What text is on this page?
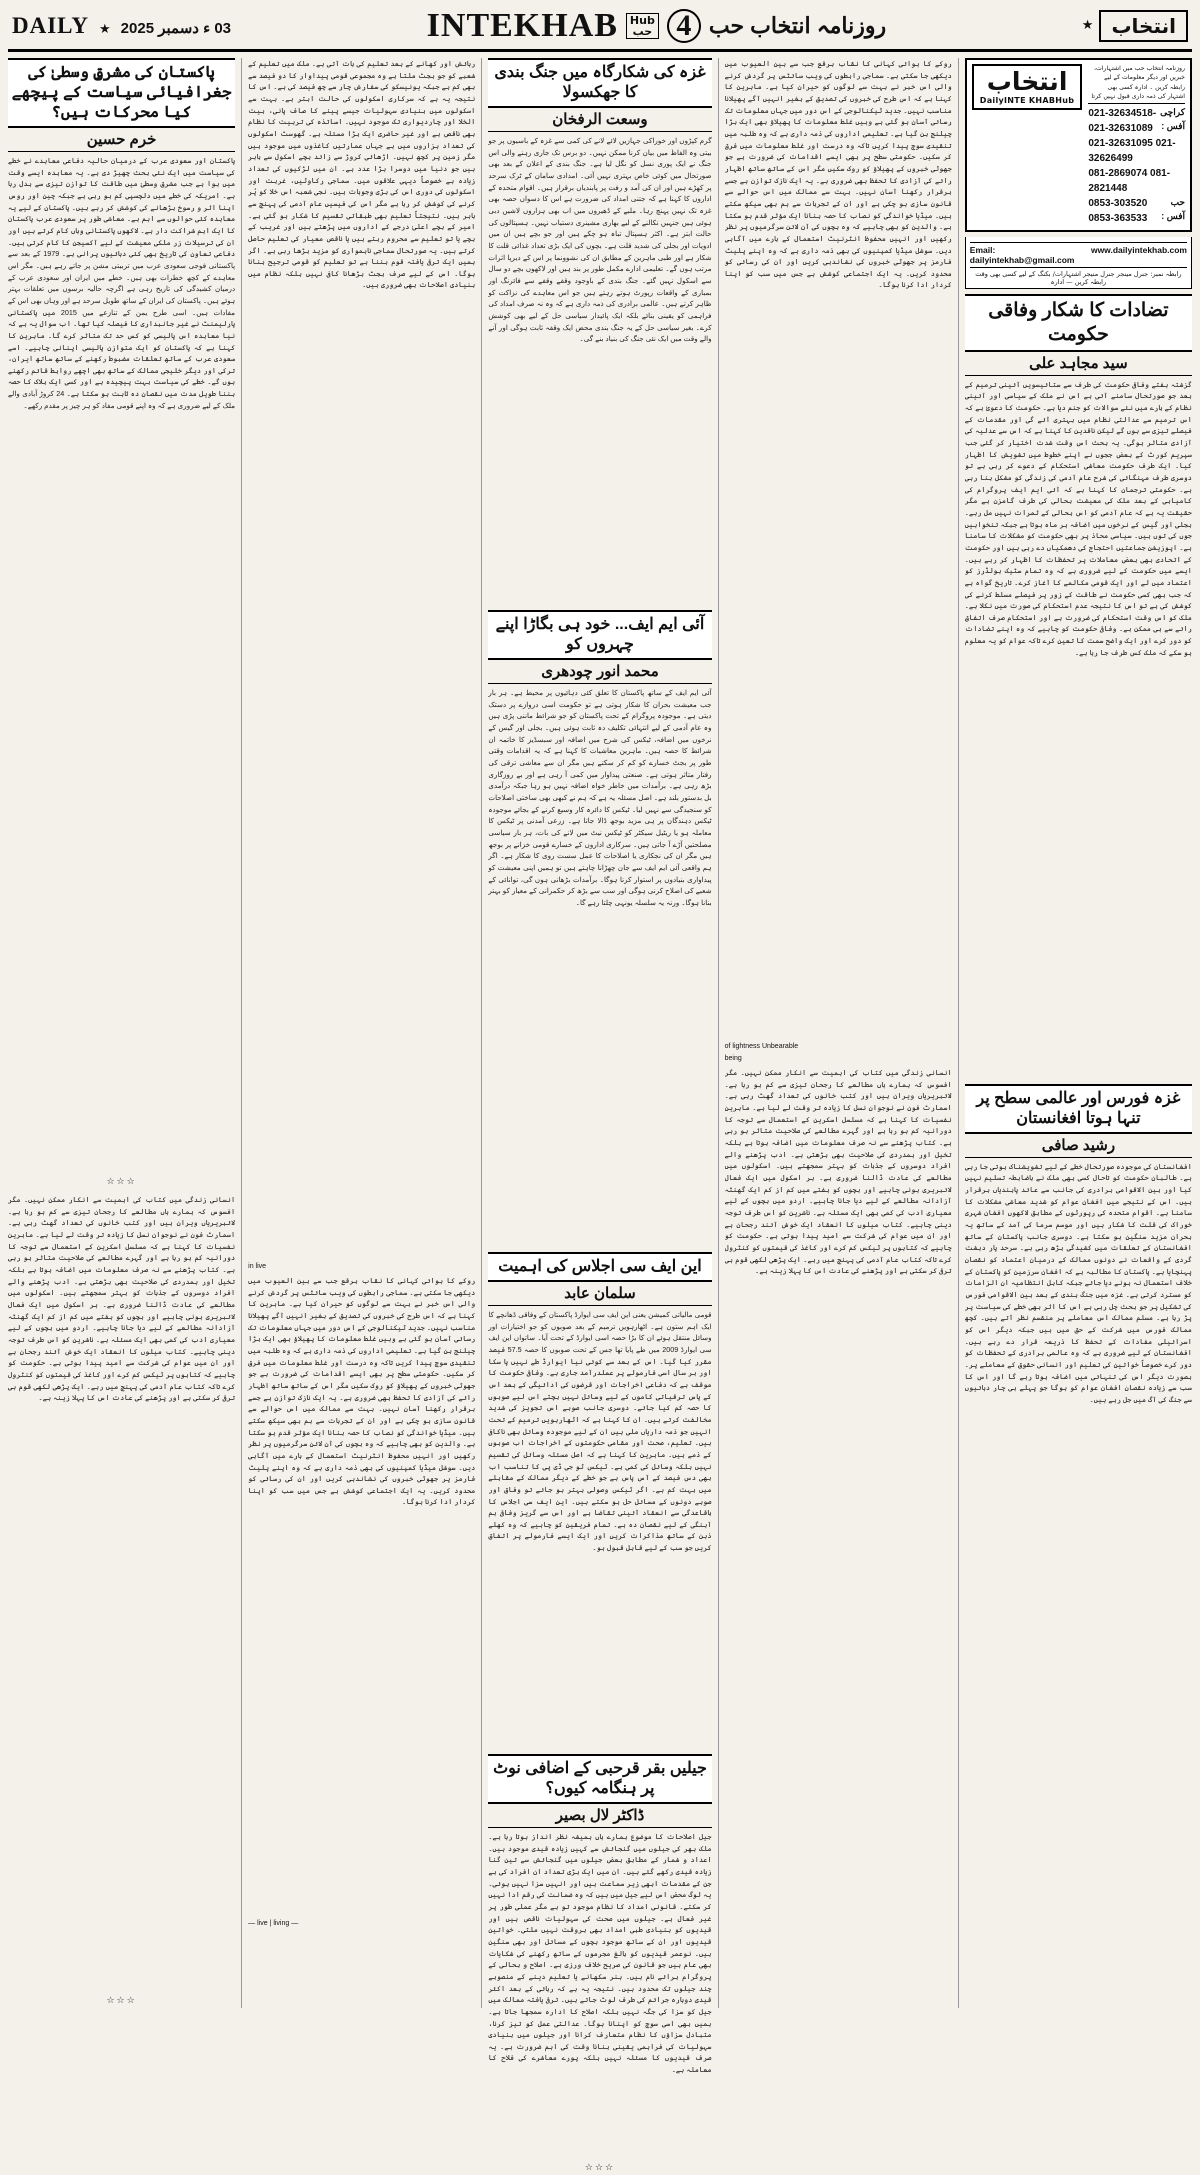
DAILY ★ 03 ء دسمبر 2025	INTEKHAB Hub
حب 4 روزنامہ انتخاب حب	★ انتخاب
روزنامہ انتخاب حب میں اشتہارات، خبریں اور دیگر معلومات کے لیے رابطہ کریں ۔ ادارہ کسی بھی اشتہار کی ذمہ داری قبول نہیں کرتا
کراچی آفس :
021-32634518-021-32631089
021-32631095 021-32626499
081-2869074 081-2821448
حب آفس :
0853-303520 0853-363533
انتخاب
DailyINTE KHABHub
Email: dailyintekhab@gmail.com
www.dailyintekhab.com
رابطہ نمبر: جنرل مینجر جنرل منیجر اشتہارات/ بکنگ کے لیے کسی بھی وقت رابطہ کریں — ادارہ
تضادات کا شکار وفاقی حکومت
سید مجاہد علی
گزشتہ ہفتے وفاقی حکومت کی طرف سے ستائیسویں آئینی ترمیم کے بعد جو صورتحال سامنے آئی ہے اس نے ملک کے سیاسی اور آئینی نظام کے بارے میں نئے سوالات کو جنم دیا ہے۔ حکومت کا دعویٰ ہے کہ اس ترمیم سے عدالتی نظام میں بہتری آئے گی اور مقدمات کے فیصلے تیزی سے ہوں گے لیکن ناقدین کا کہنا ہے کہ اس سے عدلیہ کی آزادی متاثر ہوگی۔ یہ بحث اس وقت شدت اختیار کر گئی جب سپریم کورٹ کے بعض ججوں نے اپنے خطوط میں تشویش کا اظہار کیا۔ ایک طرف حکومت معاشی استحکام کے دعوے کر رہی ہے تو دوسری طرف مہنگائی کی شرح عام آدمی کی زندگی کو مشکل بنا رہی ہے۔ حکومتی ترجمان کا کہنا ہے کہ آئی ایم ایف پروگرام کی کامیابی کے بعد ملک کی معیشت بحالی کی طرف گامزن ہے مگر حقیقت یہ ہے کہ عام آدمی کو اس بحالی کے ثمرات نہیں مل رہے۔ بجلی اور گیس کے نرخوں میں اضافہ ہر ماہ ہوتا ہے جبکہ تنخواہیں جوں کی توں ہیں۔ سیاسی محاذ پر بھی حکومت کو مشکلات کا سامنا ہے۔ اپوزیشن جماعتیں احتجاج کی دھمکیاں دے رہی ہیں اور حکومت کے اتحادی بھی بعض معاملات پر تحفظات کا اظہار کر رہے ہیں۔ ایسے میں حکومت کے لیے ضروری ہے کہ وہ تمام سٹیک ہولڈرز کو اعتماد میں لے اور ایک قومی مکالمے کا آغاز کرے۔ تاریخ گواہ ہے کہ جب بھی کسی حکومت نے طاقت کے زور پر فیصلے مسلط کرنے کی کوشش کی ہے تو اس کا نتیجہ عدم استحکام کی صورت میں نکلا ہے۔ ملک کو اس وقت استحکام کی ضرورت ہے اور استحکام صرف اتفاق رائے سے ہی ممکن ہے۔ وفاقی حکومت کو چاہیے کہ وہ اپنے تضادات کو دور کرے اور ایک واضح سمت کا تعین کرے تاکہ عوام کو یہ معلوم ہو سکے کہ ملک کس طرف جا رہا ہے۔
غزہ فورس اور عالمی سطح پر تنہا ہوتا افغانستان
رشید صافی
افغانستان کی موجودہ صورتحال خطے کے لیے تشویشناک ہوتی جا رہی ہے۔ طالبان حکومت کو تاحال کسی بھی ملک نے باضابطہ تسلیم نہیں کیا اور بین الاقوامی برادری کی جانب سے عائد پابندیاں برقرار ہیں۔ اس کے نتیجے میں افغان عوام کو شدید معاشی مشکلات کا سامنا ہے۔ اقوام متحدہ کی رپورٹوں کے مطابق لاکھوں افغان شہری خوراک کی قلت کا شکار ہیں اور موسم سرما کی آمد کے ساتھ یہ بحران مزید سنگین ہو سکتا ہے۔ دوسری جانب پاکستان کے ساتھ افغانستان کے تعلقات میں کشیدگی بڑھ رہی ہے۔ سرحد پار دہشت گردی کے واقعات نے دونوں ممالک کے درمیان اعتماد کو نقصان پہنچایا ہے۔ پاکستان کا مطالبہ ہے کہ افغان سرزمین کو پاکستان کے خلاف استعمال نہ ہونے دیا جائے جبکہ کابل انتظامیہ ان الزامات کو مسترد کرتی ہے۔ غزہ میں جنگ بندی کے بعد بین الاقوامی فورس کی تشکیل پر جو بحث چل رہی ہے اس کا اثر بھی خطے کی سیاست پر پڑ رہا ہے۔ مسلم ممالک اس معاملے پر منقسم نظر آتے ہیں۔ کچھ ممالک فورس میں شرکت کے حق میں ہیں جبکہ دیگر اس کو اسرائیلی مفادات کے تحفظ کا ذریعہ قرار دے رہے ہیں۔ افغانستان کے لیے ضروری ہے کہ وہ عالمی برادری کے تحفظات کو دور کرے خصوصاً خواتین کی تعلیم اور انسانی حقوق کے معاملے پر۔ بصورت دیگر اس کی تنہائی میں اضافہ ہوتا رہے گا اور اس کا سب سے زیادہ نقصان افغان عوام کو ہوگا جو پہلے ہی چار دہائیوں سے جنگ کی آگ میں جل رہے ہیں۔
روکے کا ہوائی کہانی کا نقاب برقع جب سے بین العیوب میں دیکھی جا سکتی ہے۔ سماجی رابطوں کی ویب سائٹس پر گردش کرنے والی اس خبر نے بہت سے لوگوں کو حیران کیا ہے۔ ماہرین کا کہنا ہے کہ اس طرح کی خبروں کی تصدیق کے بغیر انہیں آگے پھیلانا مناسب نہیں۔ جدید ٹیکنالوجی کے اس دور میں جہاں معلومات تک رسائی آسان ہو گئی ہے وہیں غلط معلومات کا پھیلاؤ بھی ایک بڑا چیلنج بن گیا ہے۔ تعلیمی اداروں کی ذمہ داری ہے کہ وہ طلبہ میں تنقیدی سوچ پیدا کریں تاکہ وہ درست اور غلط معلومات میں فرق کر سکیں۔ حکومتی سطح پر بھی ایسے اقدامات کی ضرورت ہے جو جھوٹی خبروں کے پھیلاؤ کو روک سکیں مگر اس کے ساتھ ساتھ اظہار رائے کی آزادی کا تحفظ بھی ضروری ہے۔ یہ ایک نازک توازن ہے جسے برقرار رکھنا آسان نہیں۔ بہت سے ممالک میں اس حوالے سے قانون سازی ہو چکی ہے اور ان کے تجربات سے ہم بھی سیکھ سکتے ہیں۔ میڈیا خواندگی کو نصاب کا حصہ بنانا ایک مؤثر قدم ہو سکتا ہے۔ والدین کو بھی چاہیے کہ وہ بچوں کی آن لائن سرگرمیوں پر نظر رکھیں اور انہیں محفوظ انٹرنیٹ استعمال کے بارے میں آگاہی دیں۔ سوشل میڈیا کمپنیوں کی بھی ذمہ داری ہے کہ وہ اپنے پلیٹ فارمز پر جھوٹی خبروں کی نشاندہی کریں اور ان کی رسائی کو محدود کریں۔ یہ ایک اجتماعی کوشش ہے جس میں سب کو اپنا کردار ادا کرنا ہوگا۔
of lightness Unbearable
being
انسانی زندگی میں کتاب کی اہمیت سے انکار ممکن نہیں۔ مگر افسوس کہ ہمارے ہاں مطالعے کا رجحان تیزی سے کم ہو رہا ہے۔ لائبریریاں ویران ہیں اور کتب خانوں کی تعداد گھٹ رہی ہے۔ اسمارٹ فون نے نوجوان نسل کا زیادہ تر وقت لے لیا ہے۔ ماہرین نفسیات کا کہنا ہے کہ مسلسل اسکرین کے استعمال سے توجہ کا دورانیہ کم ہو رہا ہے اور گہرے مطالعے کی صلاحیت متاثر ہو رہی ہے۔ کتاب پڑھنے سے نہ صرف معلومات میں اضافہ ہوتا ہے بلکہ تخیل اور ہمدردی کی صلاحیت بھی بڑھتی ہے۔ ادب پڑھنے والے افراد دوسروں کے جذبات کو بہتر سمجھتے ہیں۔ اسکولوں میں مطالعے کی عادت ڈالنا ضروری ہے۔ ہر اسکول میں ایک فعال لائبریری ہونی چاہیے اور بچوں کو ہفتے میں کم از کم ایک گھنٹہ آزادانہ مطالعے کے لیے دیا جانا چاہیے۔ اردو میں بچوں کے لیے معیاری ادب کی کمی بھی ایک مسئلہ ہے۔ ناشرین کو اس طرف توجہ دینی چاہیے۔ کتاب میلوں کا انعقاد ایک خوش آئند رجحان ہے اور ان میں عوام کی شرکت سے امید پیدا ہوتی ہے۔ حکومت کو چاہیے کہ کتابوں پر ٹیکس کم کرے اور کاغذ کی قیمتوں کو کنٹرول کرے تاکہ کتاب عام آدمی کی پہنچ میں رہے۔ ایک پڑھی لکھی قوم ہی ترقی کر سکتی ہے اور پڑھنے کی عادت اس کا پہلا زینہ ہے۔
غزہ کی شکارگاہ میں جنگ بندی کا جھکسولا
وسعت الرفخان
گرم کپڑوں اور خوراکی جہازیں لائے لانے کی کمی سے غزہ کے باسیوں پر جو بیتی وہ الفاظ میں بیان کرنا ممکن نہیں۔ دو برس تک جاری رہنے والی اس جنگ نے ایک پوری نسل کو نگل لیا ہے۔ جنگ بندی کے اعلان کے بعد بھی صورتحال میں کوئی خاص بہتری نہیں آئی۔ امدادی سامان کے ٹرک سرحد پر کھڑے ہیں اور ان کی آمد و رفت پر پابندیاں برقرار ہیں۔ اقوام متحدہ کے اداروں کا کہنا ہے کہ جتنی امداد کی ضرورت ہے اس کا دسواں حصہ بھی غزہ تک نہیں پہنچ رہا۔ ملبے کے ڈھیروں میں اب بھی ہزاروں لاشیں دبی ہوئی ہیں جنہیں نکالنے کے لیے بھاری مشینری دستیاب نہیں۔ ہسپتالوں کی حالت ابتر ہے۔ اکثر ہسپتال تباہ ہو چکے ہیں اور جو بچے ہیں ان میں ادویات اور بجلی کی شدید قلت ہے۔ بچوں کی ایک بڑی تعداد غذائی قلت کا شکار ہے اور طبی ماہرین کے مطابق ان کی نشوونما پر اس کے دیرپا اثرات مرتب ہوں گے۔ تعلیمی ادارے مکمل طور پر بند ہیں اور لاکھوں بچے دو سال سے اسکول نہیں گئے۔ جنگ بندی کے باوجود وقفے وقفے سے فائرنگ اور بمباری کے واقعات رپورٹ ہوتے رہتے ہیں جو اس معاہدے کی نزاکت کو ظاہر کرتے ہیں۔ عالمی برادری کی ذمہ داری ہے کہ وہ نہ صرف امداد کی فراہمی کو یقینی بنائے بلکہ ایک پائیدار سیاسی حل کے لیے بھی کوشش کرے۔ بغیر سیاسی حل کے یہ جنگ بندی محض ایک وقفہ ثابت ہوگی اور آنے والے وقت میں ایک نئی جنگ کی بنیاد بنے گی۔
آئی ایم ایف... خود ہی بگاڑا اپنے چہروں کو
محمد انور چودھری
آئی ایم ایف کے ساتھ پاکستان کا تعلق کئی دہائیوں پر محیط ہے۔ ہر بار جب معیشت بحران کا شکار ہوتی ہے تو حکومت اسی دروازے پر دستک دیتی ہے۔ موجودہ پروگرام کے تحت پاکستان کو جو شرائط ماننی پڑی ہیں وہ عام آدمی کے لیے انتہائی تکلیف دہ ثابت ہوئی ہیں۔ بجلی اور گیس کے نرخوں میں اضافہ، ٹیکس کی شرح میں اضافہ اور سبسڈیز کا خاتمہ ان شرائط کا حصہ ہیں۔ ماہرین معاشیات کا کہنا ہے کہ یہ اقدامات وقتی طور پر بجٹ خسارے کو کم کر سکتے ہیں مگر ان سے معاشی ترقی کی رفتار متاثر ہوتی ہے۔ صنعتی پیداوار میں کمی آ رہی ہے اور بے روزگاری بڑھ رہی ہے۔ برآمدات میں خاطر خواہ اضافہ نہیں ہو رہا جبکہ درآمدی بل بدستور بلند ہے۔ اصل مسئلہ یہ ہے کہ ہم نے کبھی بھی ساختی اصلاحات کو سنجیدگی سے نہیں لیا۔ ٹیکس کا دائرہ کار وسیع کرنے کے بجائے موجودہ ٹیکس دہندگان پر ہی مزید بوجھ ڈالا جاتا ہے۔ زرعی آمدنی پر ٹیکس کا معاملہ ہو یا ریٹیل سیکٹر کو ٹیکس نیٹ میں لانے کی بات، ہر بار سیاسی مصلحتیں آڑے آ جاتی ہیں۔ سرکاری اداروں کے خسارے قومی خزانے پر بوجھ ہیں مگر ان کی نجکاری یا اصلاحات کا عمل سست روی کا شکار ہے۔ اگر ہم واقعی آئی ایم ایف سے جان چھڑانا چاہتے ہیں تو ہمیں اپنی معیشت کو پیداواری بنیادوں پر استوار کرنا ہوگا۔ برآمدات بڑھانی ہوں گی، توانائی کے شعبے کی اصلاح کرنی ہوگی اور سب سے بڑھ کر حکمرانی کے معیار کو بہتر بنانا ہوگا۔ ورنہ یہ سلسلہ یونہی چلتا رہے گا۔
این ایف سی اجلاس کی اہمیت
سلمان عابد
قومی مالیاتی کمیشن یعنی این ایف سی ایوارڈ پاکستان کے وفاقی ڈھانچے کا ایک اہم ستون ہے۔ اٹھارہویں ترمیم کے بعد صوبوں کو جو اختیارات اور وسائل منتقل ہوئے ان کا بڑا حصہ اسی ایوارڈ کے تحت آیا۔ ساتواں این ایف سی ایوارڈ 2009 میں طے پایا تھا جس کے تحت صوبوں کا حصہ 57.5 فیصد مقرر کیا گیا۔ اس کے بعد سے کوئی نیا ایوارڈ طے نہیں پا سکا اور ہر سال اسی فارمولے پر عملدرآمد جاری ہے۔ وفاقی حکومت کا موقف ہے کہ دفاعی اخراجات اور قرضوں کی ادائیگی کے بعد اس کے پاس ترقیاتی کاموں کے لیے وسائل نہیں بچتے اس لیے صوبوں کا حصہ کم کیا جائے۔ دوسری جانب صوبے اس تجویز کی شدید مخالفت کرتے ہیں۔ ان کا کہنا ہے کہ اٹھارہویں ترمیم کے تحت انہیں جو ذمہ داریاں ملی ہیں ان کے لیے موجودہ وسائل بھی ناکافی ہیں۔ تعلیم، صحت اور مقامی حکومتوں کے اخراجات اب صوبوں کے ذمے ہیں۔ ماہرین کا کہنا ہے کہ اصل مسئلہ وسائل کی تقسیم نہیں بلکہ وسائل کی کمی ہے۔ ٹیکس ٹو جی ڈی پی کا تناسب اب بھی دس فیصد کے آس پاس ہے جو خطے کے دیگر ممالک کے مقابلے میں بہت کم ہے۔ اگر ٹیکس وصولی بہتر ہو جائے تو وفاق اور صوبے دونوں کے مسائل حل ہو سکتے ہیں۔ این ایف سی اجلاس کا باقاعدگی سے انعقاد آئینی تقاضا ہے اور اس سے گریز وفاقی ہم آہنگی کے لیے نقصان دہ ہے۔ تمام فریقین کو چاہیے کہ وہ کھلے ذہن کے ساتھ مذاکرات کریں اور ایک ایسے فارمولے پر اتفاق کریں جو سب کے لیے قابل قبول ہو۔
جیلیں بقر قرحبی کے اضافی نوٹ پر ہنگامہ کیوں؟
ڈاکٹر لال بصیر
جیل اصلاحات کا موضوع ہمارے ہاں ہمیشہ نظر انداز ہوتا رہا ہے۔ ملک بھر کی جیلوں میں گنجائش سے کہیں زیادہ قیدی موجود ہیں۔ اعداد و شمار کے مطابق بعض جیلوں میں گنجائش سے تین گنا زیادہ قیدی رکھے گئے ہیں۔ ان میں ایک بڑی تعداد ان افراد کی ہے جن کے مقدمات ابھی زیر سماعت ہیں اور انہیں سزا نہیں ہوئی۔ یہ لوگ محض اس لیے جیل میں ہیں کہ وہ ضمانت کی رقم ادا نہیں کر سکتے۔ قانونی امداد کا نظام موجود تو ہے مگر عملی طور پر غیر فعال ہے۔ جیلوں میں صحت کی سہولیات ناقص ہیں اور قیدیوں کو بنیادی طبی امداد بھی بروقت نہیں ملتی۔ خواتین قیدیوں اور ان کے ساتھ موجود بچوں کے مسائل اور بھی سنگین ہیں۔ نوعمر قیدیوں کو بالغ مجرموں کے ساتھ رکھنے کی شکایات بھی عام ہیں جو قانون کی صریح خلاف ورزی ہے۔ اصلاح و بحالی کے پروگرام برائے نام ہیں۔ ہنر سکھانے یا تعلیم دینے کے منصوبے چند جیلوں تک محدود ہیں۔ نتیجہ یہ ہے کہ رہائی کے بعد اکثر قیدی دوبارہ جرائم کی طرف لوٹ جاتے ہیں۔ ترقی یافتہ ممالک میں جیل کو سزا کی جگہ نہیں بلکہ اصلاح کا ادارہ سمجھا جاتا ہے۔ ہمیں بھی اسی سوچ کو اپنانا ہوگا۔ عدالتی عمل کو تیز کرنا، متبادل سزاؤں کا نظام متعارف کرانا اور جیلوں میں بنیادی سہولیات کی فراہمی یقینی بنانا وقت کی اہم ضرورت ہے۔ یہ صرف قیدیوں کا مسئلہ نہیں بلکہ پورے معاشرے کی فلاح کا معاملہ ہے۔
☆☆☆
رہائش اور کھانے کے بعد تعلیم کی بات آتی ہے۔ ملک میں تعلیم کے شعبے کو جو بجٹ ملتا ہے وہ مجموعی قومی پیداوار کا دو فیصد سے بھی کم ہے جبکہ یونیسکو کی سفارش چار سے چھ فیصد کی ہے۔ اس کا نتیجہ یہ ہے کہ سرکاری اسکولوں کی حالت ابتر ہے۔ بہت سے اسکولوں میں بنیادی سہولیات جیسے پینے کا صاف پانی، بیت الخلا اور چاردیواری تک موجود نہیں۔ اساتذہ کی تربیت کا نظام بھی ناقص ہے اور غیر حاضری ایک بڑا مسئلہ ہے۔ گھوسٹ اسکولوں کی تعداد ہزاروں میں ہے جہاں عمارتیں کاغذوں میں موجود ہیں مگر زمین پر کچھ نہیں۔ اڑھائی کروڑ سے زائد بچے اسکول سے باہر ہیں جو دنیا میں دوسرا بڑا عدد ہے۔ ان میں لڑکیوں کی تعداد زیادہ ہے خصوصاً دیہی علاقوں میں۔ سماجی رکاوٹیں، غربت اور اسکولوں کی دوری اس کی بڑی وجوہات ہیں۔ نجی شعبہ اس خلا کو پُر کرنے کی کوشش کر رہا ہے مگر اس کی فیسیں عام آدمی کی پہنچ سے باہر ہیں۔ نتیجتاً تعلیم بھی طبقاتی تقسیم کا شکار ہو گئی ہے۔ امیر کے بچے اعلیٰ درجے کے اداروں میں پڑھتے ہیں اور غریب کے بچے یا تو تعلیم سے محروم رہتے ہیں یا ناقص معیار کی تعلیم حاصل کرتے ہیں۔ یہ صورتحال سماجی ناہمواری کو مزید بڑھا رہی ہے۔ اگر ہمیں ایک ترقی یافتہ قوم بننا ہے تو تعلیم کو قومی ترجیح بنانا ہوگا۔ اس کے لیے صرف بجٹ بڑھانا کافی نہیں بلکہ نظام میں بنیادی اصلاحات بھی ضروری ہیں۔
in live
روکے کا ہوائی کہانی کا نقاب برقع جب سے بین العیوب میں دیکھی جا سکتی ہے۔ سماجی رابطوں کی ویب سائٹس پر گردش کرنے والی اس خبر نے بہت سے لوگوں کو حیران کیا ہے۔ ماہرین کا کہنا ہے کہ اس طرح کی خبروں کی تصدیق کے بغیر انہیں آگے پھیلانا مناسب نہیں۔ جدید ٹیکنالوجی کے اس دور میں جہاں معلومات تک رسائی آسان ہو گئی ہے وہیں غلط معلومات کا پھیلاؤ بھی ایک بڑا چیلنج بن گیا ہے۔ تعلیمی اداروں کی ذمہ داری ہے کہ وہ طلبہ میں تنقیدی سوچ پیدا کریں تاکہ وہ درست اور غلط معلومات میں فرق کر سکیں۔ حکومتی سطح پر بھی ایسے اقدامات کی ضرورت ہے جو جھوٹی خبروں کے پھیلاؤ کو روک سکیں مگر اس کے ساتھ ساتھ اظہار رائے کی آزادی کا تحفظ بھی ضروری ہے۔ یہ ایک نازک توازن ہے جسے برقرار رکھنا آسان نہیں۔ بہت سے ممالک میں اس حوالے سے قانون سازی ہو چکی ہے اور ان کے تجربات سے ہم بھی سیکھ سکتے ہیں۔ میڈیا خواندگی کو نصاب کا حصہ بنانا ایک مؤثر قدم ہو سکتا ہے۔ والدین کو بھی چاہیے کہ وہ بچوں کی آن لائن سرگرمیوں پر نظر رکھیں اور انہیں محفوظ انٹرنیٹ استعمال کے بارے میں آگاہی دیں۔ سوشل میڈیا کمپنیوں کی بھی ذمہ داری ہے کہ وہ اپنے پلیٹ فارمز پر جھوٹی خبروں کی نشاندہی کریں اور ان کی رسائی کو محدود کریں۔ یہ ایک اجتماعی کوشش ہے جس میں سب کو اپنا کردار ادا کرنا ہوگا۔
— live | living —
پاکستان کی مشرقِ وسطیٰ کی جغرافیائی سیاست کے پیچھے کیا محرکات ہیں؟
خرم حسین
پاکستان اور سعودی عرب کے درمیان حالیہ دفاعی معاہدے نے خطے کی سیاست میں ایک نئی بحث چھیڑ دی ہے۔ یہ معاہدہ ایسے وقت میں ہوا ہے جب مشرق وسطیٰ میں طاقت کا توازن تیزی سے بدل رہا ہے۔ امریکہ کی خطے میں دلچسپی کم ہو رہی ہے جبکہ چین اور روس اپنا اثر و رسوخ بڑھانے کی کوشش کر رہے ہیں۔ پاکستان کے لیے یہ معاہدہ کئی حوالوں سے اہم ہے۔ معاشی طور پر سعودی عرب پاکستان کا ایک اہم شراکت دار ہے۔ لاکھوں پاکستانی وہاں کام کرتے ہیں اور ان کی ترسیلات زر ملکی معیشت کے لیے آکسیجن کا کام کرتی ہیں۔ دفاعی تعاون کی تاریخ بھی کئی دہائیوں پرانی ہے۔ 1979 کے بعد سے پاکستانی فوجی سعودی عرب میں تربیتی مشن پر جاتے رہے ہیں۔ مگر اس معاہدے کے کچھ خطرات بھی ہیں۔ خطے میں ایران اور سعودی عرب کے درمیان کشیدگی کی تاریخ رہی ہے اگرچہ حالیہ برسوں میں تعلقات بہتر ہوئے ہیں۔ پاکستان کی ایران کے ساتھ طویل سرحد ہے اور وہاں بھی اس کے مفادات ہیں۔ اسی طرح یمن کے تنازعے میں 2015 میں پاکستانی پارلیمنٹ نے غیر جانبداری کا فیصلہ کیا تھا۔ اب سوال یہ ہے کہ نیا معاہدہ اس پالیسی کو کس حد تک متاثر کرے گا۔ ماہرین کا کہنا ہے کہ پاکستان کو ایک متوازن پالیسی اپنانی چاہیے۔ اسے سعودی عرب کے ساتھ تعلقات مضبوط رکھنے کے ساتھ ساتھ ایران، ترکی اور دیگر خلیجی ممالک کے ساتھ بھی اچھے روابط قائم رکھنے ہوں گے۔ خطے کی سیاست بہت پیچیدہ ہے اور کسی ایک بلاک کا حصہ بننا طویل مدت میں نقصان دہ ثابت ہو سکتا ہے۔ 24 کروڑ آبادی والے ملک کے لیے ضروری ہے کہ وہ اپنے قومی مفاد کو ہر چیز پر مقدم رکھے۔
☆☆☆
انسانی زندگی میں کتاب کی اہمیت سے انکار ممکن نہیں۔ مگر افسوس کہ ہمارے ہاں مطالعے کا رجحان تیزی سے کم ہو رہا ہے۔ لائبریریاں ویران ہیں اور کتب خانوں کی تعداد گھٹ رہی ہے۔ اسمارٹ فون نے نوجوان نسل کا زیادہ تر وقت لے لیا ہے۔ ماہرین نفسیات کا کہنا ہے کہ مسلسل اسکرین کے استعمال سے توجہ کا دورانیہ کم ہو رہا ہے اور گہرے مطالعے کی صلاحیت متاثر ہو رہی ہے۔ کتاب پڑھنے سے نہ صرف معلومات میں اضافہ ہوتا ہے بلکہ تخیل اور ہمدردی کی صلاحیت بھی بڑھتی ہے۔ ادب پڑھنے والے افراد دوسروں کے جذبات کو بہتر سمجھتے ہیں۔ اسکولوں میں مطالعے کی عادت ڈالنا ضروری ہے۔ ہر اسکول میں ایک فعال لائبریری ہونی چاہیے اور بچوں کو ہفتے میں کم از کم ایک گھنٹہ آزادانہ مطالعے کے لیے دیا جانا چاہیے۔ اردو میں بچوں کے لیے معیاری ادب کی کمی بھی ایک مسئلہ ہے۔ ناشرین کو اس طرف توجہ دینی چاہیے۔ کتاب میلوں کا انعقاد ایک خوش آئند رجحان ہے اور ان میں عوام کی شرکت سے امید پیدا ہوتی ہے۔ حکومت کو چاہیے کہ کتابوں پر ٹیکس کم کرے اور کاغذ کی قیمتوں کو کنٹرول کرے تاکہ کتاب عام آدمی کی پہنچ میں رہے۔ ایک پڑھی لکھی قوم ہی ترقی کر سکتی ہے اور پڑھنے کی عادت اس کا پہلا زینہ ہے۔
☆☆☆
